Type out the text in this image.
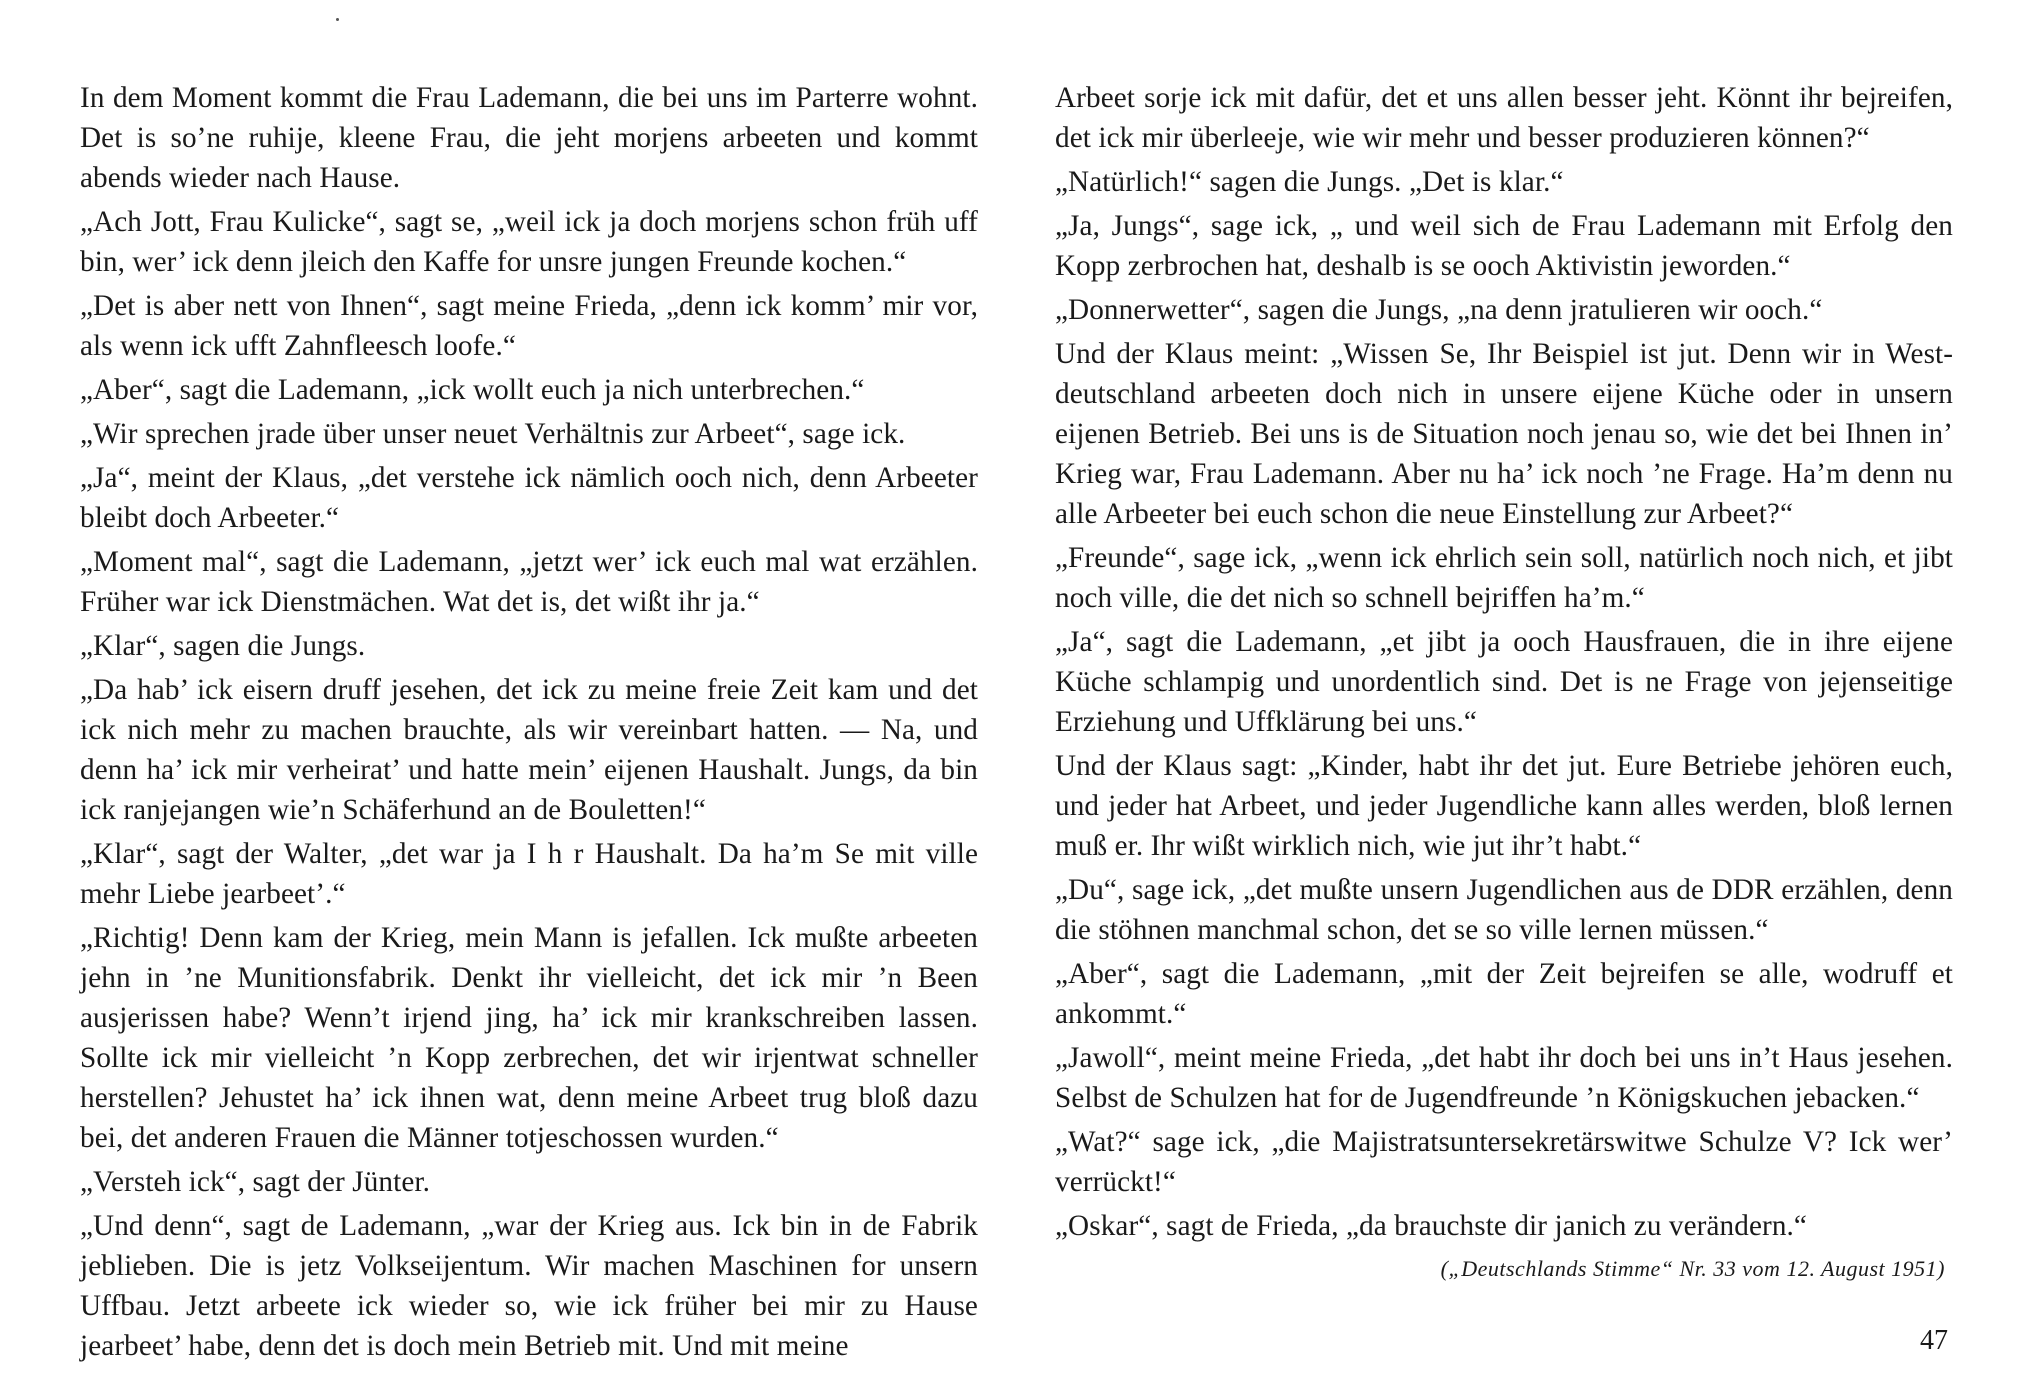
In dem Moment kommt die Frau Lademann, die bei uns im Parterre wohnt. Det is so’ne ruhije, kleene Frau, die jeht morjens arbeeten und kommt abends wieder nach Hause.

„Ach Jott, Frau Kulicke“, sagt se, „weil ick ja doch morjens schon früh uff bin, wer’ ick denn jleich den Kaffe for unsre jungen Freunde kochen.“

„Det is aber nett von Ihnen“, sagt meine Frieda, „denn ick komm’ mir vor, als wenn ick ufft Zahnfleesch loofe.“

„Aber“, sagt die Lademann, „ick wollt euch ja nich unterbrechen.“

„Wir sprechen jrade über unser neuet Verhältnis zur Arbeet“, sage ick.

„Ja“, meint der Klaus, „det verstehe ick nämlich ooch nich, denn Arbeeter bleibt doch Arbeeter.“

„Moment mal“, sagt die Lademann, „jetzt wer’ ick euch mal wat erzählen. Früher war ick Dienstmächen. Wat det is, det wißt ihr ja.“

„Klar“, sagen die Jungs.

„Da hab’ ick eisern druff jesehen, det ick zu meine freie Zeit kam und det ick nich mehr zu machen brauchte, als wir vereinbart hatten. — Na, und denn ha’ ick mir verheirat’ und hatte mein’ eijenen Haushalt. Jungs, da bin ick ranjejangen wie’n Schäferhund an de Bouletten!“

„Klar“, sagt der Walter, „det war ja I h r Haushalt. Da ha’m Se mit ville mehr Liebe jearbeet’.“

„Richtig! Denn kam der Krieg, mein Mann is jefallen. Ick mußte arbeeten jehn in ’ne Munitionsfabrik. Denkt ihr vielleicht, det ick mir ’n Been ausjerissen habe? Wenn’t irjend jing, ha’ ick mir krankschreiben lassen. Sollte ick mir vielleicht ’n Kopp zerbrechen, det wir irjentwat schneller herstellen? Jehustet ha’ ick ihnen wat, denn meine Arbeet trug bloß dazu bei, det anderen Frauen die Männer totjeschossen wurden.“

„Versteh ick“, sagt der Jünter.

„Und denn“, sagt de Lademann, „war der Krieg aus. Ick bin in de Fabrik jeblieben. Die is jetz Volkseijentum. Wir machen Maschinen for unsern Uffbau. Jetzt arbeete ick wieder so, wie ick früher bei mir zu Hause jearbeet’ habe, denn det is doch mein Betrieb mit. Und mit meine

Arbeet sorje ick mit dafür, det et uns allen besser jeht. Könnt ihr bejreifen, det ick mir überleeje, wie wir mehr und besser produzieren können?“

„Natürlich!“ sagen die Jungs. „Det is klar.“

„Ja, Jungs“, sage ick, „ und weil sich de Frau Lademann mit Erfolg den Kopp zerbrochen hat, deshalb is se ooch Aktivistin jeworden.“

„Donnerwetter“, sagen die Jungs, „na denn jratulieren wir ooch.“

Und der Klaus meint: „Wissen Se, Ihr Beispiel ist jut. Denn wir in Westdeutschland arbeeten doch nich in unsere eijene Küche oder in unsern eijenen Betrieb. Bei uns is de Situation noch jenau so, wie det bei Ihnen in’ Krieg war, Frau Lademann. Aber nu ha’ ick noch ’ne Frage. Ha’m denn nu alle Arbeeter bei euch schon die neue Einstellung zur Arbeet?“

„Freunde“, sage ick, „wenn ick ehrlich sein soll, natürlich noch nich, et jibt noch ville, die det nich so schnell bejriffen ha’m.“

„Ja“, sagt die Lademann, „et jibt ja ooch Hausfrauen, die in ihre eijene Küche schlampig und unordentlich sind. Det is ne Frage von jejenseitige Erziehung und Uffklärung bei uns.“

Und der Klaus sagt: „Kinder, habt ihr det jut. Eure Betriebe jehören euch, und jeder hat Arbeet, und jeder Jugendliche kann alles werden, bloß lernen muß er. Ihr wißt wirklich nich, wie jut ihr’t habt.“

„Du“, sage ick, „det mußte unsern Jugendlichen aus de DDR erzählen, denn die stöhnen manchmal schon, det se so ville lernen müssen.“

„Aber“, sagt die Lademann, „mit der Zeit bejreifen se alle, wodruff et ankommt.“

„Jawoll“, meint meine Frieda, „det habt ihr doch bei uns in’t Haus jesehen. Selbst de Schulzen hat for de Jugendfreunde ’n Königskuchen jebacken.“

„Wat?“ sage ick, „die Majistratsuntersekretärswitwe Schulze V? Ick wer’ verrückt!“

„Oskar“, sagt de Frieda, „da brauchste dir janich zu verändern.“

(„Deutschlands Stimme“ Nr. 33 vom 12. August 1951)

47
